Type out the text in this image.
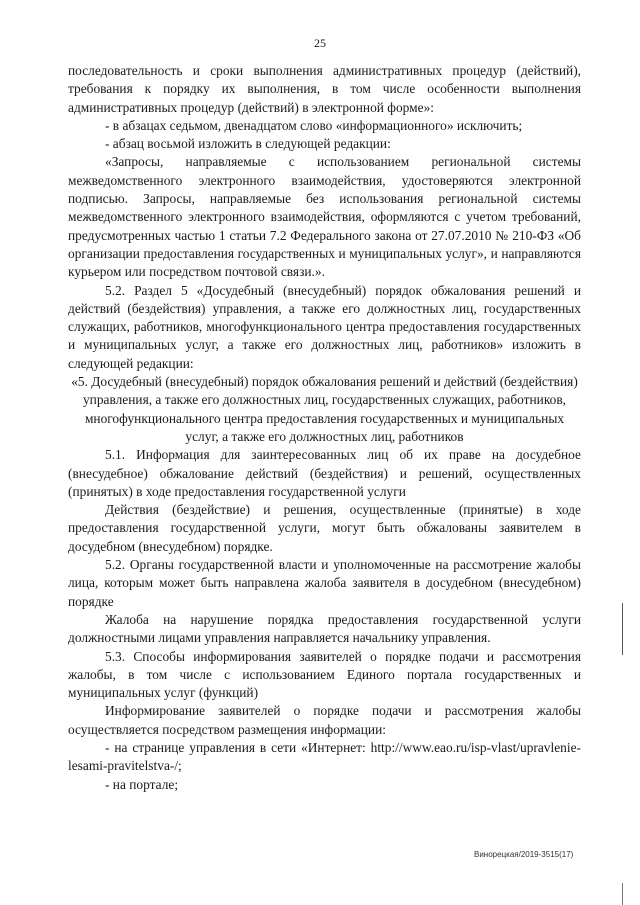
25

последовательность и сроки выполнения административных процедур (действий), требования к порядку их выполнения, в том числе особенности выполнения административных процедур (действий) в электронной форме»:

- в абзацах седьмом, двенадцатом слово «информационного» исключить;

- абзац восьмой изложить в следующей редакции:

«Запросы, направляемые с использованием региональной системы межведомственного электронного взаимодействия, удостоверяются электронной подписью. Запросы, направляемые без использования региональной системы межведомственного электронного взаимодействия, оформляются с учетом требований, предусмотренных частью 1 статьи 7.2 Федерального закона от 27.07.2010 № 210-ФЗ «Об организации предоставления государственных и муниципальных услуг», и направляются курьером или посредством почтовой связи.».

5.2. Раздел 5 «Досудебный (внесудебный) порядок обжалования решений и действий (бездействия) управления, а также его должностных лиц, государственных служащих, работников, многофункционального центра предоставления государственных и муниципальных услуг, а также его должностных лиц, работников» изложить в следующей редакции:

«5. Досудебный (внесудебный) порядок обжалования решений и действий (бездействия) управления, а также его должностных лиц, государственных служащих, работников, многофункционального центра предоставления государственных и муниципальных услуг, а также его должностных лиц, работников

5.1. Информация для заинтересованных лиц об их праве на досудебное (внесудебное) обжалование действий (бездействия) и решений, осуществленных (принятых) в ходе предоставления государственной услуги

Действия (бездействие) и решения, осуществленные (принятые) в ходе предоставления государственной услуги, могут быть обжалованы заявителем в досудебном (внесудебном) порядке.

5.2. Органы государственной власти и уполномоченные на рассмотрение жалобы лица, которым может быть направлена жалоба заявителя в досудебном (внесудебном) порядке

Жалоба на нарушение порядка предоставления государственной услуги должностными лицами управления направляется начальнику управления.

5.3. Способы информирования заявителей о порядке подачи и рассмотрения жалобы, в том числе с использованием Единого портала государственных и муниципальных услуг (функций)

Информирование заявителей о порядке подачи и рассмотрения жалобы осуществляется посредством размещения информации:

- на странице управления в сети «Интернет: http://www.eao.ru/isp-vlast/upravlenie-lesami-pravitelstva-/;

- на портале;

Винорецкая/2019-3515(17)
